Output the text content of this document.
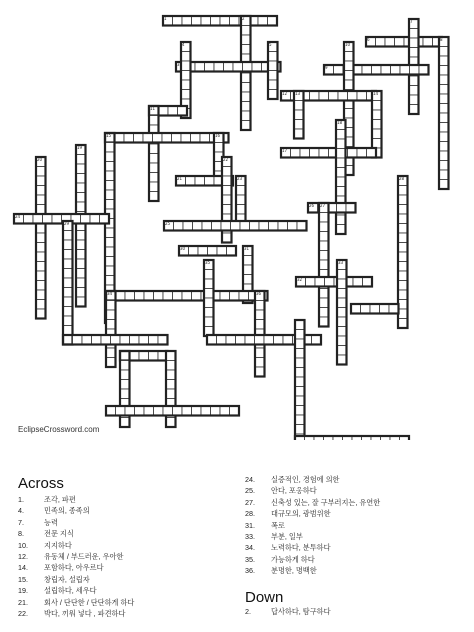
1	2
3
4	5
6
7
8
9
10
11
12 13	14
15	16
17
18
19
20
21
22
23
24
25
26 27
28
29
30	31
32
33
34
35
36
EclipseCrossword.com
Across
1.	조각, 파편
4.	민족의, 종족의
7.	능력
8.	전문 지식
10.	지지하다
12.	유동체 / 부드러운, 우아한
14.	포함하다, 아우르다
15.	창립자, 설립자
19.	설립하다, 세우다
21.	회사 / 단단한 / 단단하게 하다
22.	박다, 끼워 넣다 , 파견하다
24.	실증적인, 경험에 의한
25.	안다, 포옹하다
27.	신축성 있는, 잘 구부러지는, 유연한
28.	대규모의, 광범위한
31.	폭로
33.	부분, 일부
34.	노력하다, 분투하다
35.	가능하게 하다
36.	분명한, 명백한
Down
2.	답사하다, 탐구하다
